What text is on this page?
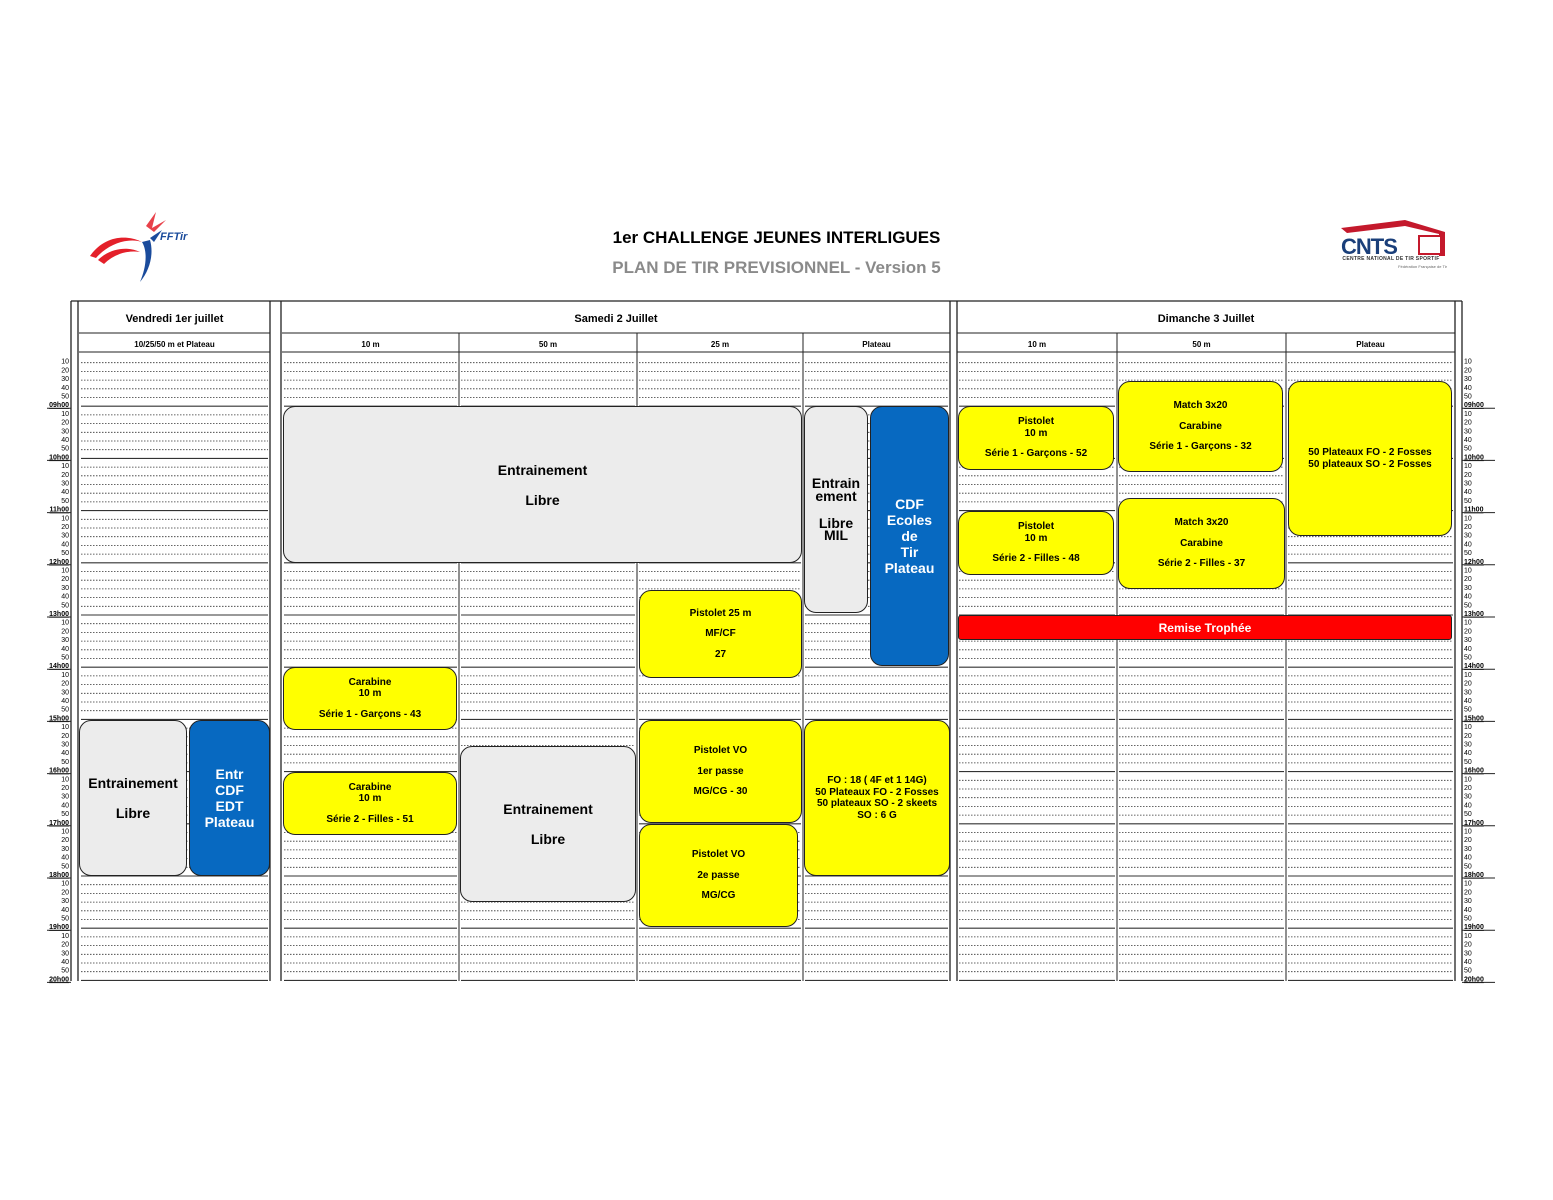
1er CHALLENGE JEUNES INTERLIGUES
PLAN DE TIR PREVISIONNEL - Version 5
FFTir	CNTS
CENTRE NATIONAL DE TIR SPORTIF
Fédération Française de Tir
Vendredi 1er juillet
10/25/50 m et Plateau
Samedi 2 Juillet
10 m	50 m	25 m	Plateau
Dimanche 3 Juillet
10 m	50 m	Plateau
10	10
20	20
30	30
40	40
50	50
09h00	09h00
10	10
20	20
30	30
40	40
50	50
10h00	10h00
10	10
20	20
30	30
40	40
50	50
11h00	11h00
10	10
20	20
30	30
40	40
50	50
12h00	12h00
10	10
20	20
30	30
40	40
50	50
13h00	13h00
10	10
20	20
30	30
40	40
50	50
14h00	14h00
10	10
20	20
30	30
40	40
50	50
15h00	15h00
10	10
20	20
30	30
40	40
50	50
16h00	16h00
10	10
20	20
30	30
40	40
50	50
17h00	17h00
10	10
20	20
30	30
40	40
50	50
18h00	18h00
10	10
20	20
30	30
40	40
50	50
19h00	19h00
10	10
20	20
30	30
40	40
50	50
20h00	20h00
Entrainement
Libre
Entr
CDF
EDT
Plateau
Entrainement
Libre
Entrain
ement
Libre
MIL
CDF
Ecoles
de
Tir
Plateau
Pistolet 25 m
MF/CF
27
Carabine
10 m
Série 1 - Garçons - 43
Carabine
10 m
Série 2 - Filles - 51
Entrainement
Libre
Pistolet VO
1er passe
MG/CG - 30
Pistolet VO
2e passe
MG/CG
FO : 18 ( 4F et 1 14G)
50 Plateaux FO - 2 Fosses
50 plateaux SO - 2 skeets
SO : 6 G
Pistolet
10 m
Série 1 - Garçons - 52
Pistolet
10 m
Série 2 - Filles - 48
Match 3x20
Carabine
Série 1 - Garçons - 32
Match 3x20
Carabine
Série 2 - Filles - 37
50 Plateaux FO - 2 Fosses
50 plateaux SO - 2 Fosses
Remise Trophée
